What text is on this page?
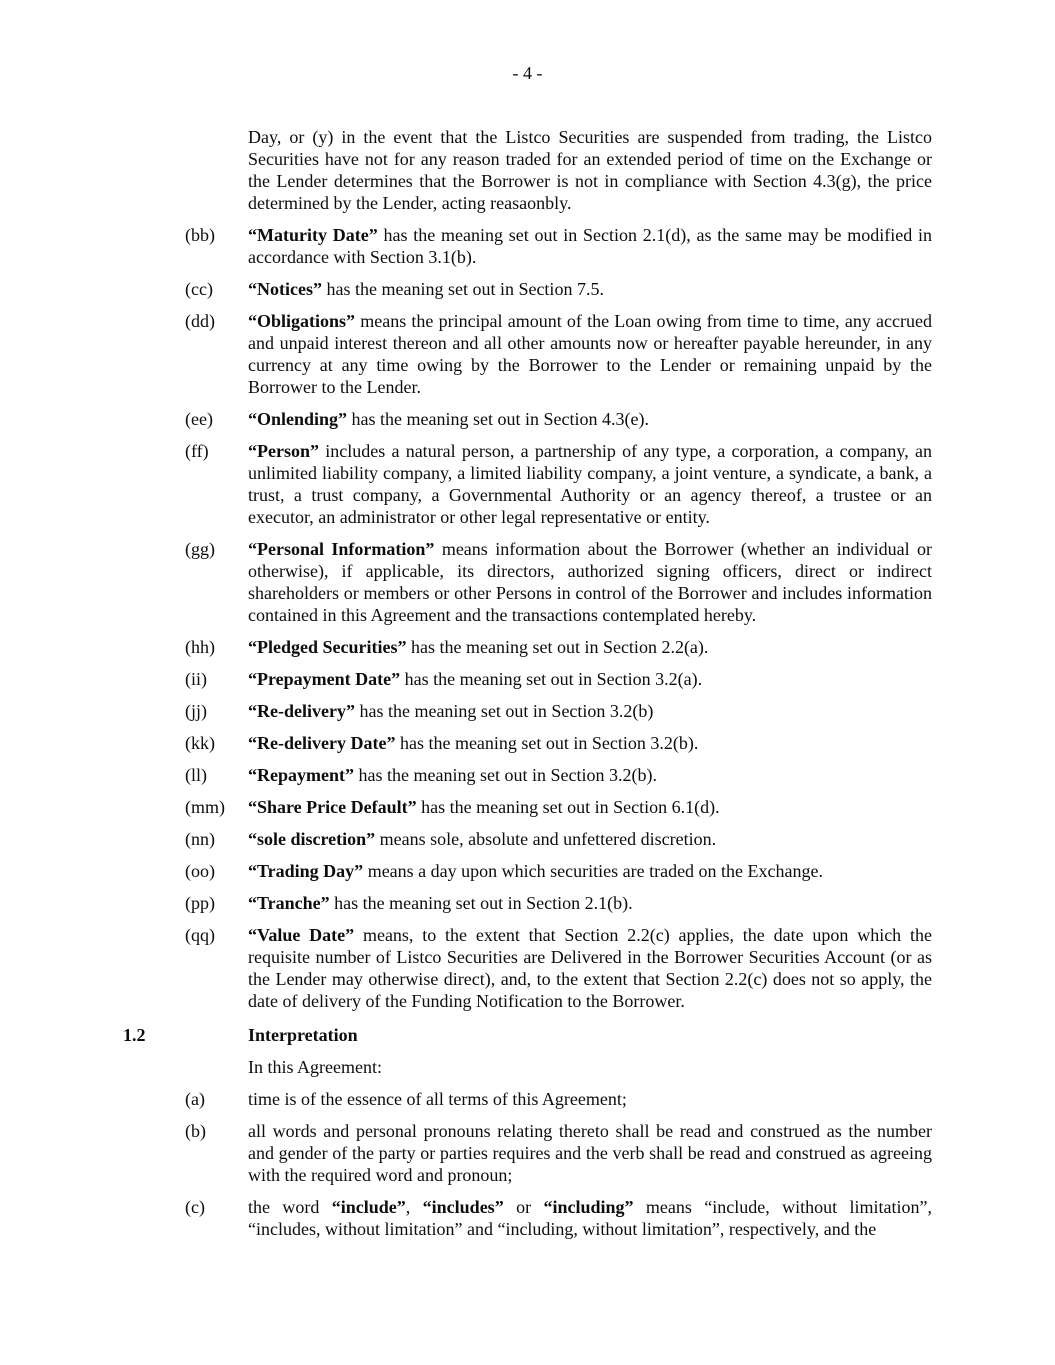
- 4 -

Day, or (y) in the event that the Listco Securities are suspended from trading, the Listco Securities have not for any reason traded for an extended period of time on the Exchange or the Lender determines that the Borrower is not in compliance with Section 4.3(g), the price determined by the Lender, acting reasaonbly.

(bb)	“Maturity Date” has the meaning set out in Section 2.1(d), as the same may be modified in accordance with Section 3.1(b).
(cc)	“Notices” has the meaning set out in Section 7.5.
(dd)	“Obligations” means the principal amount of the Loan owing from time to time, any accrued and unpaid interest thereon and all other amounts now or hereafter payable hereunder, in any currency at any time owing by the Borrower to the Lender or remaining unpaid by the Borrower to the Lender.
(ee)	“Onlending” has the meaning set out in Section 4.3(e).
(ff)	“Person” includes a natural person, a partnership of any type, a corporation, a company, an unlimited liability company, a limited liability company, a joint venture, a syndicate, a bank, a trust, a trust company, a Governmental Authority or an agency thereof, a trustee or an executor, an administrator or other legal representative or entity.
(gg)	“Personal Information” means information about the Borrower (whether an individual or otherwise), if applicable, its directors, authorized signing officers, direct or indirect shareholders or members or other Persons in control of the Borrower and includes information contained in this Agreement and the transactions contemplated hereby.
(hh)	“Pledged Securities” has the meaning set out in Section 2.2(a).
(ii)	“Prepayment Date” has the meaning set out in Section 3.2(a).
(jj)	“Re-delivery” has the meaning set out in Section 3.2(b)
(kk)	“Re-delivery Date” has the meaning set out in Section 3.2(b).
(ll)	“Repayment” has the meaning set out in Section 3.2(b).
(mm)	“Share Price Default” has the meaning set out in Section 6.1(d).
(nn)	“sole discretion” means sole, absolute and unfettered discretion.
(oo)	“Trading Day” means a day upon which securities are traded on the Exchange.
(pp)	“Tranche” has the meaning set out in Section 2.1(b).
(qq)	“Value Date” means, to the extent that Section 2.2(c) applies, the date upon which the requisite number of Listco Securities are Delivered in the Borrower Securities Account (or as the Lender may otherwise direct), and, to the extent that Section 2.2(c) does not so apply, the date of delivery of the Funding Notification to the Borrower.
1.2	Interpretation

In this Agreement:

(a)	time is of the essence of all terms of this Agreement;
(b)	all words and personal pronouns relating thereto shall be read and construed as the number and gender of the party or parties requires and the verb shall be read and construed as agreeing with the required word and pronoun;
(c)	the word “include”, “includes” or “including” means “include, without limitation”, “includes, without limitation” and “including, without limitation”, respectively, and the
